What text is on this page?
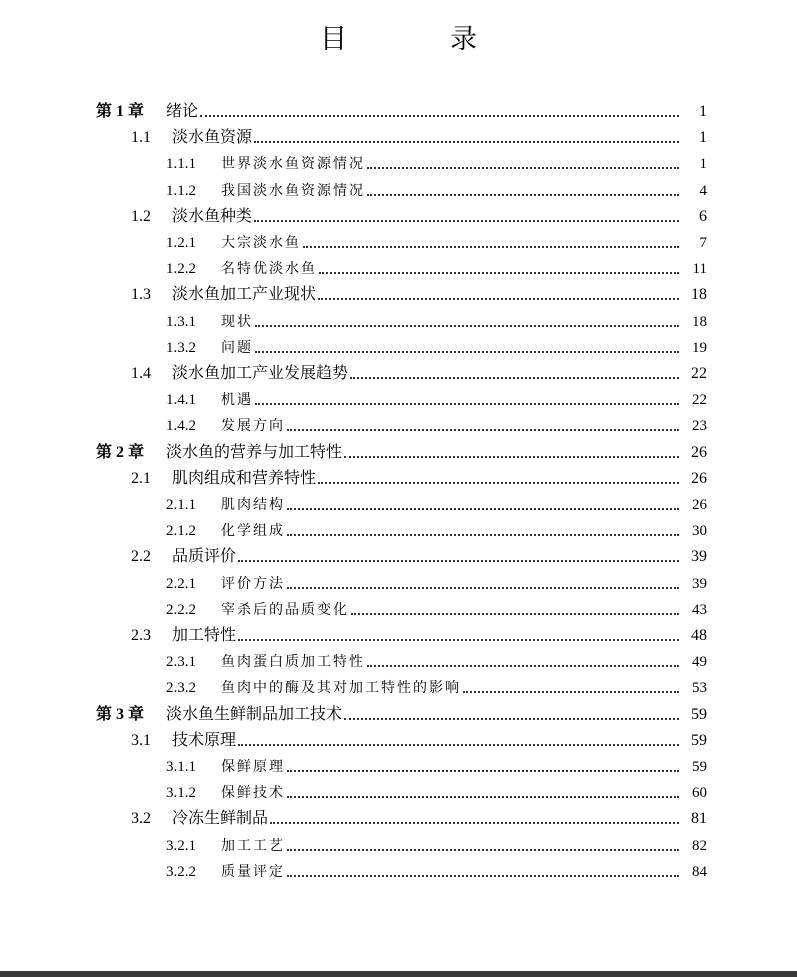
目　录
第 1 章	绪论	1
1.1	淡水鱼资源	1
1.1.1	世界淡水鱼资源情况	1
1.1.2	我国淡水鱼资源情况	4
1.2	淡水鱼种类	6
1.2.1	大宗淡水鱼	7
1.2.2	名特优淡水鱼	11
1.3	淡水鱼加工产业现状	18
1.3.1	现状	18
1.3.2	问题	19
1.4	淡水鱼加工产业发展趋势	22
1.4.1	机遇	22
1.4.2	发展方向	23
第 2 章	淡水鱼的营养与加工特性	26
2.1	肌肉组成和营养特性	26
2.1.1	肌肉结构	26
2.1.2	化学组成	30
2.2	品质评价	39
2.2.1	评价方法	39
2.2.2	宰杀后的品质变化	43
2.3	加工特性	48
2.3.1	鱼肉蛋白质加工特性	49
2.3.2	鱼肉中的酶及其对加工特性的影响	53
第 3 章	淡水鱼生鲜制品加工技术	59
3.1	技术原理	59
3.1.1	保鲜原理	59
3.1.2	保鲜技术	60
3.2	冷冻生鲜制品	81
3.2.1	加工工艺	82
3.2.2	质量评定	84
